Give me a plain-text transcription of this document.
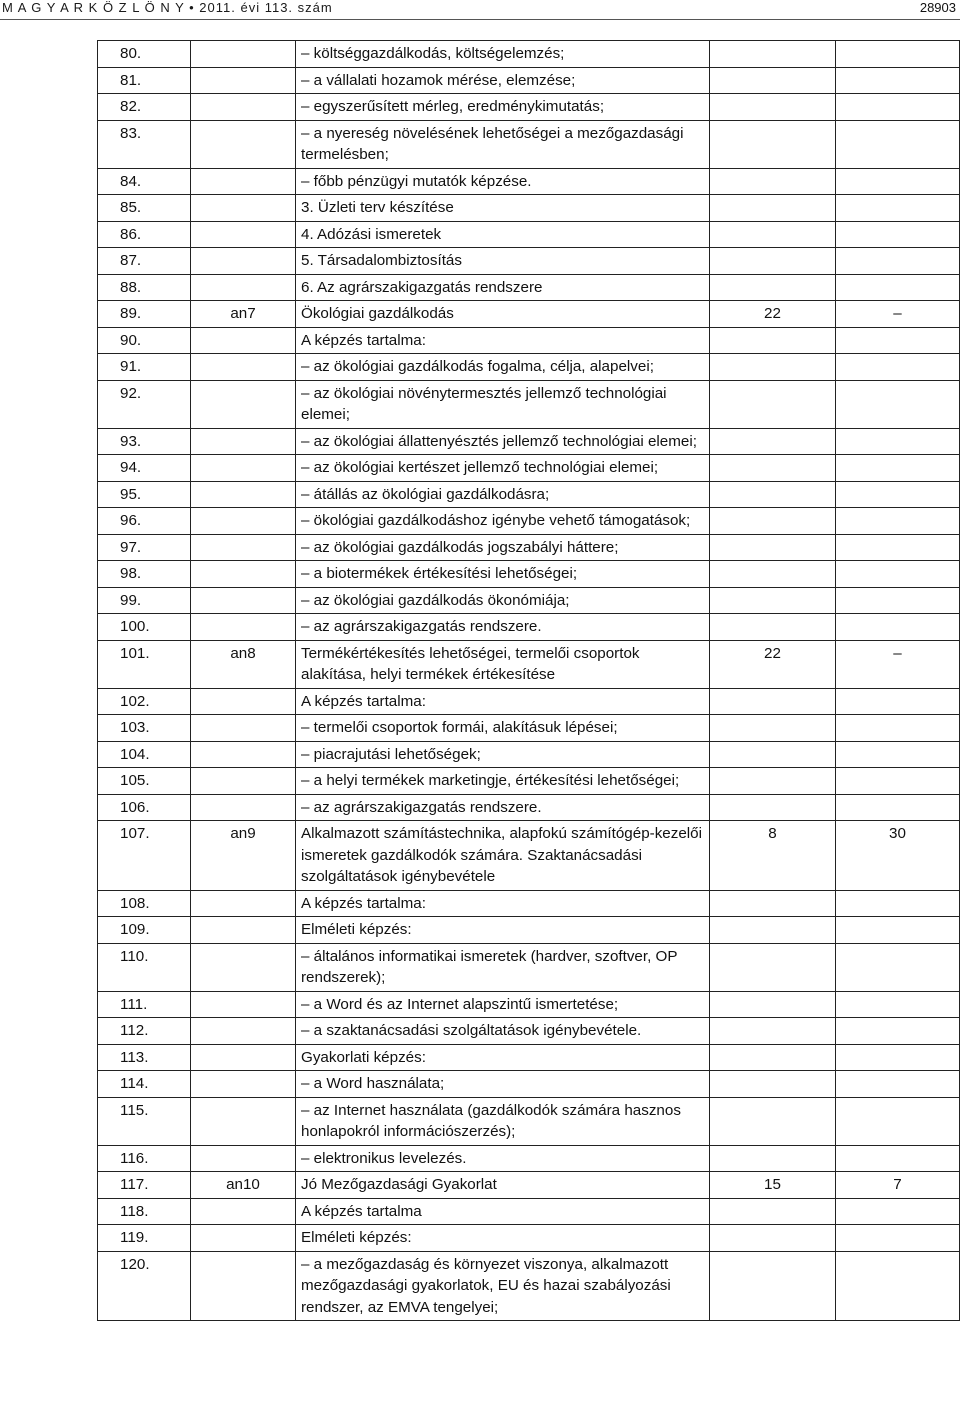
M A G Y A R K Ö Z L Ö N Y • 2011. évi 113. szám	28903
80.		– költséggazdálkodás, költségelemzés;		
81.		– a vállalati hozamok mérése, elemzése;		
82.		– egyszerűsített mérleg, eredménykimutatás;		
83.		– a nyereség növelésének lehetőségei a mezőgazdasági termelésben;		
84.		– főbb pénzügyi mutatók képzése.		
85.		3. Üzleti terv készítése		
86.		4. Adózási ismeretek		
87.		5. Társadalombiztosítás		
88.		6. Az agrárszakigazgatás rendszere		
89.	an7	Ökológiai gazdálkodás	22	–
90.		A képzés tartalma:		
91.		– az ökológiai gazdálkodás fogalma, célja, alapelvei;		
92.		– az ökológiai növénytermesztés jellemző technológiai elemei;		
93.		– az ökológiai állattenyésztés jellemző technológiai elemei;		
94.		– az ökológiai kertészet jellemző technológiai elemei;		
95.		– átállás az ökológiai gazdálkodásra;		
96.		– ökológiai gazdálkodáshoz igénybe vehető támogatások;		
97.		– az ökológiai gazdálkodás jogszabályi háttere;		
98.		– a biotermékek értékesítési lehetőségei;		
99.		– az ökológiai gazdálkodás ökonómiája;		
100.		– az agrárszakigazgatás rendszere.		
101.	an8	Termékértékesítés lehetőségei, termelői csoportok alakítása, helyi termékek értékesítése	22	–
102.		A képzés tartalma:		
103.		– termelői csoportok formái, alakításuk lépései;		
104.		– piacrajutási lehetőségek;		
105.		– a helyi termékek marketingje, értékesítési lehetőségei;		
106.		– az agrárszakigazgatás rendszere.		
107.	an9	Alkalmazott számítástechnika, alapfokú számítógép-kezelői ismeretek gazdálkodók számára. Szaktanácsadási szolgáltatások igénybevétele	8	30
108.		A képzés tartalma:		
109.		Elméleti képzés:		
110.		– általános informatikai ismeretek (hardver, szoftver, OP rendszerek);		
111.		– a Word és az Internet alapszintű ismertetése;		
112.		– a szaktanácsadási szolgáltatások igénybevétele.		
113.		Gyakorlati képzés:		
114.		– a Word használata;		
115.		– az Internet használata (gazdálkodók számára hasznos honlapokról információszerzés);		
116.		– elektronikus levelezés.		
117.	an10	Jó Mezőgazdasági Gyakorlat	15	7
118.		A képzés tartalma		
119.		Elméleti képzés:		
120.		– a mezőgazdaság és környezet viszonya, alkalmazott mezőgazdasági gyakorlatok, EU és hazai szabályozási rendszer, az EMVA tengelyei;		
